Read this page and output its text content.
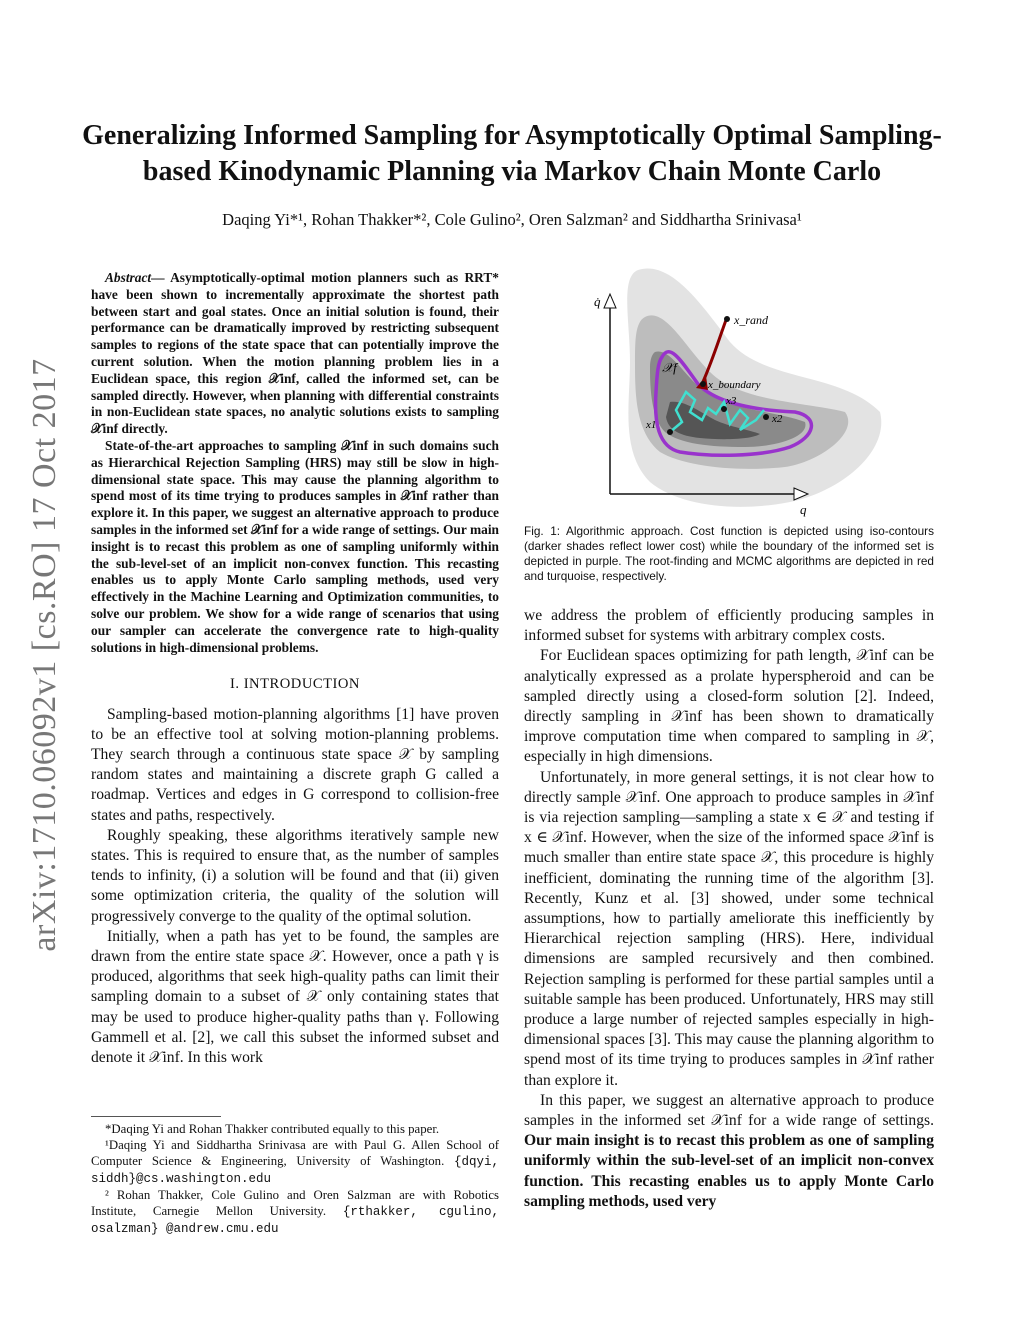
arXiv:1710.06092v1 [cs.RO] 17 Oct 2017
Generalizing Informed Sampling for Asymptotically Optimal Sampling-based Kinodynamic Planning via Markov Chain Monte Carlo
Daqing Yi*¹, Rohan Thakker*², Cole Gulino², Oren Salzman² and Siddhartha Srinivasa¹

Abstract— Asymptotically-optimal motion planners such as RRT* have been shown to incrementally approximate the shortest path between start and goal states. Once an initial solution is found, their performance can be dramatically improved by restricting subsequent samples to regions of the state space that can potentially improve the current solution. When the motion planning problem lies in a Euclidean space, this region 𝒳inf, called the informed set, can be sampled directly. However, when planning with differential constraints in non-Euclidean state spaces, no analytic solutions exists to sampling 𝒳inf directly.

State-of-the-art approaches to sampling 𝒳inf in such domains such as Hierarchical Rejection Sampling (HRS) may still be slow in high-dimensional state space. This may cause the planning algorithm to spend most of its time trying to produces samples in 𝒳inf rather than explore it. In this paper, we suggest an alternative approach to produce samples in the informed set 𝒳inf for a wide range of settings. Our main insight is to recast this problem as one of sampling uniformly within the sub-level-set of an implicit non-convex function. This recasting enables us to apply Monte Carlo sampling methods, used very effectively in the Machine Learning and Optimization communities, to solve our problem. We show for a wide range of scenarios that using our sampler can accelerate the convergence rate to high-quality solutions in high-dimensional problems.

I. INTRODUCTION

Sampling-based motion-planning algorithms [1] have proven to be an effective tool at solving motion-planning problems. They search through a continuous state space 𝒳 by sampling random states and maintaining a discrete graph G called a roadmap. Vertices and edges in G correspond to collision-free states and paths, respectively.

Roughly speaking, these algorithms iteratively sample new states. This is required to ensure that, as the number of samples tends to infinity, (i) a solution will be found and that (ii) given some optimization criteria, the quality of the solution will progressively converge to the quality of the optimal solution.

Initially, when a path has yet to be found, the samples are drawn from the entire state space 𝒳. However, once a path γ is produced, algorithms that seek high-quality paths can limit their sampling domain to a subset of 𝒳 only containing states that may be used to produce higher-quality paths than γ. Following Gammell et al. [2], we call this subset the informed subset and denote it 𝒳inf. In this work

*Daqing Yi and Rohan Thakker contributed equally to this paper.

¹Daqing Yi and Siddhartha Srinivasa are with Paul G. Allen School of Computer Science & Engineering, University of Washington. {dqyi, siddh}@cs.washington.edu

² Rohan Thakker, Cole Gulino and Oren Salzman are with Robotics Institute, Carnegie Mellon University. {rthakker, cgulino, osalzman} @andrew.cmu.edu

q̇
q
x_rand
x_boundary
𝒳f
x1	x2
x3
Fig. 1: Algorithmic approach. Cost function is depicted using iso-contours (darker shades reflect lower cost) while the boundary of the informed set is depicted in purple. The root-finding and MCMC algorithms are depicted in red and turquoise, respectively.

we address the problem of efficiently producing samples in informed subset for systems with arbitrary complex costs.

For Euclidean spaces optimizing for path length, 𝒳inf can be analytically expressed as a prolate hyperspheroid and can be sampled directly using a closed-form solution [2]. Indeed, directly sampling in 𝒳inf has been shown to dramatically improve computation time when compared to sampling in 𝒳, especially in high dimensions.

Unfortunately, in more general settings, it is not clear how to directly sample 𝒳inf. One approach to produce samples in 𝒳inf is via rejection sampling—sampling a state x ∈ 𝒳 and testing if x ∈ 𝒳inf. However, when the size of the informed space 𝒳inf is much smaller than entire state space 𝒳, this procedure is highly inefficient, dominating the running time of the algorithm [3]. Recently, Kunz et al. [3] showed, under some technical assumptions, how to partially ameliorate this inefficiently by Hierarchical rejection sampling (HRS). Here, individual dimensions are sampled recursively and then combined. Rejection sampling is performed for these partial samples until a suitable sample has been produced. Unfortunately, HRS may still produce a large number of rejected samples especially in high-dimensional spaces [3]. This may cause the planning algorithm to spend most of its time trying to produces samples in 𝒳inf rather than explore it.

In this paper, we suggest an alternative approach to produce samples in the informed set 𝒳inf for a wide range of settings. Our main insight is to recast this problem as one of sampling uniformly within the sub-level-set of an implicit non-convex function. This recasting enables us to apply Monte Carlo sampling methods, used very
